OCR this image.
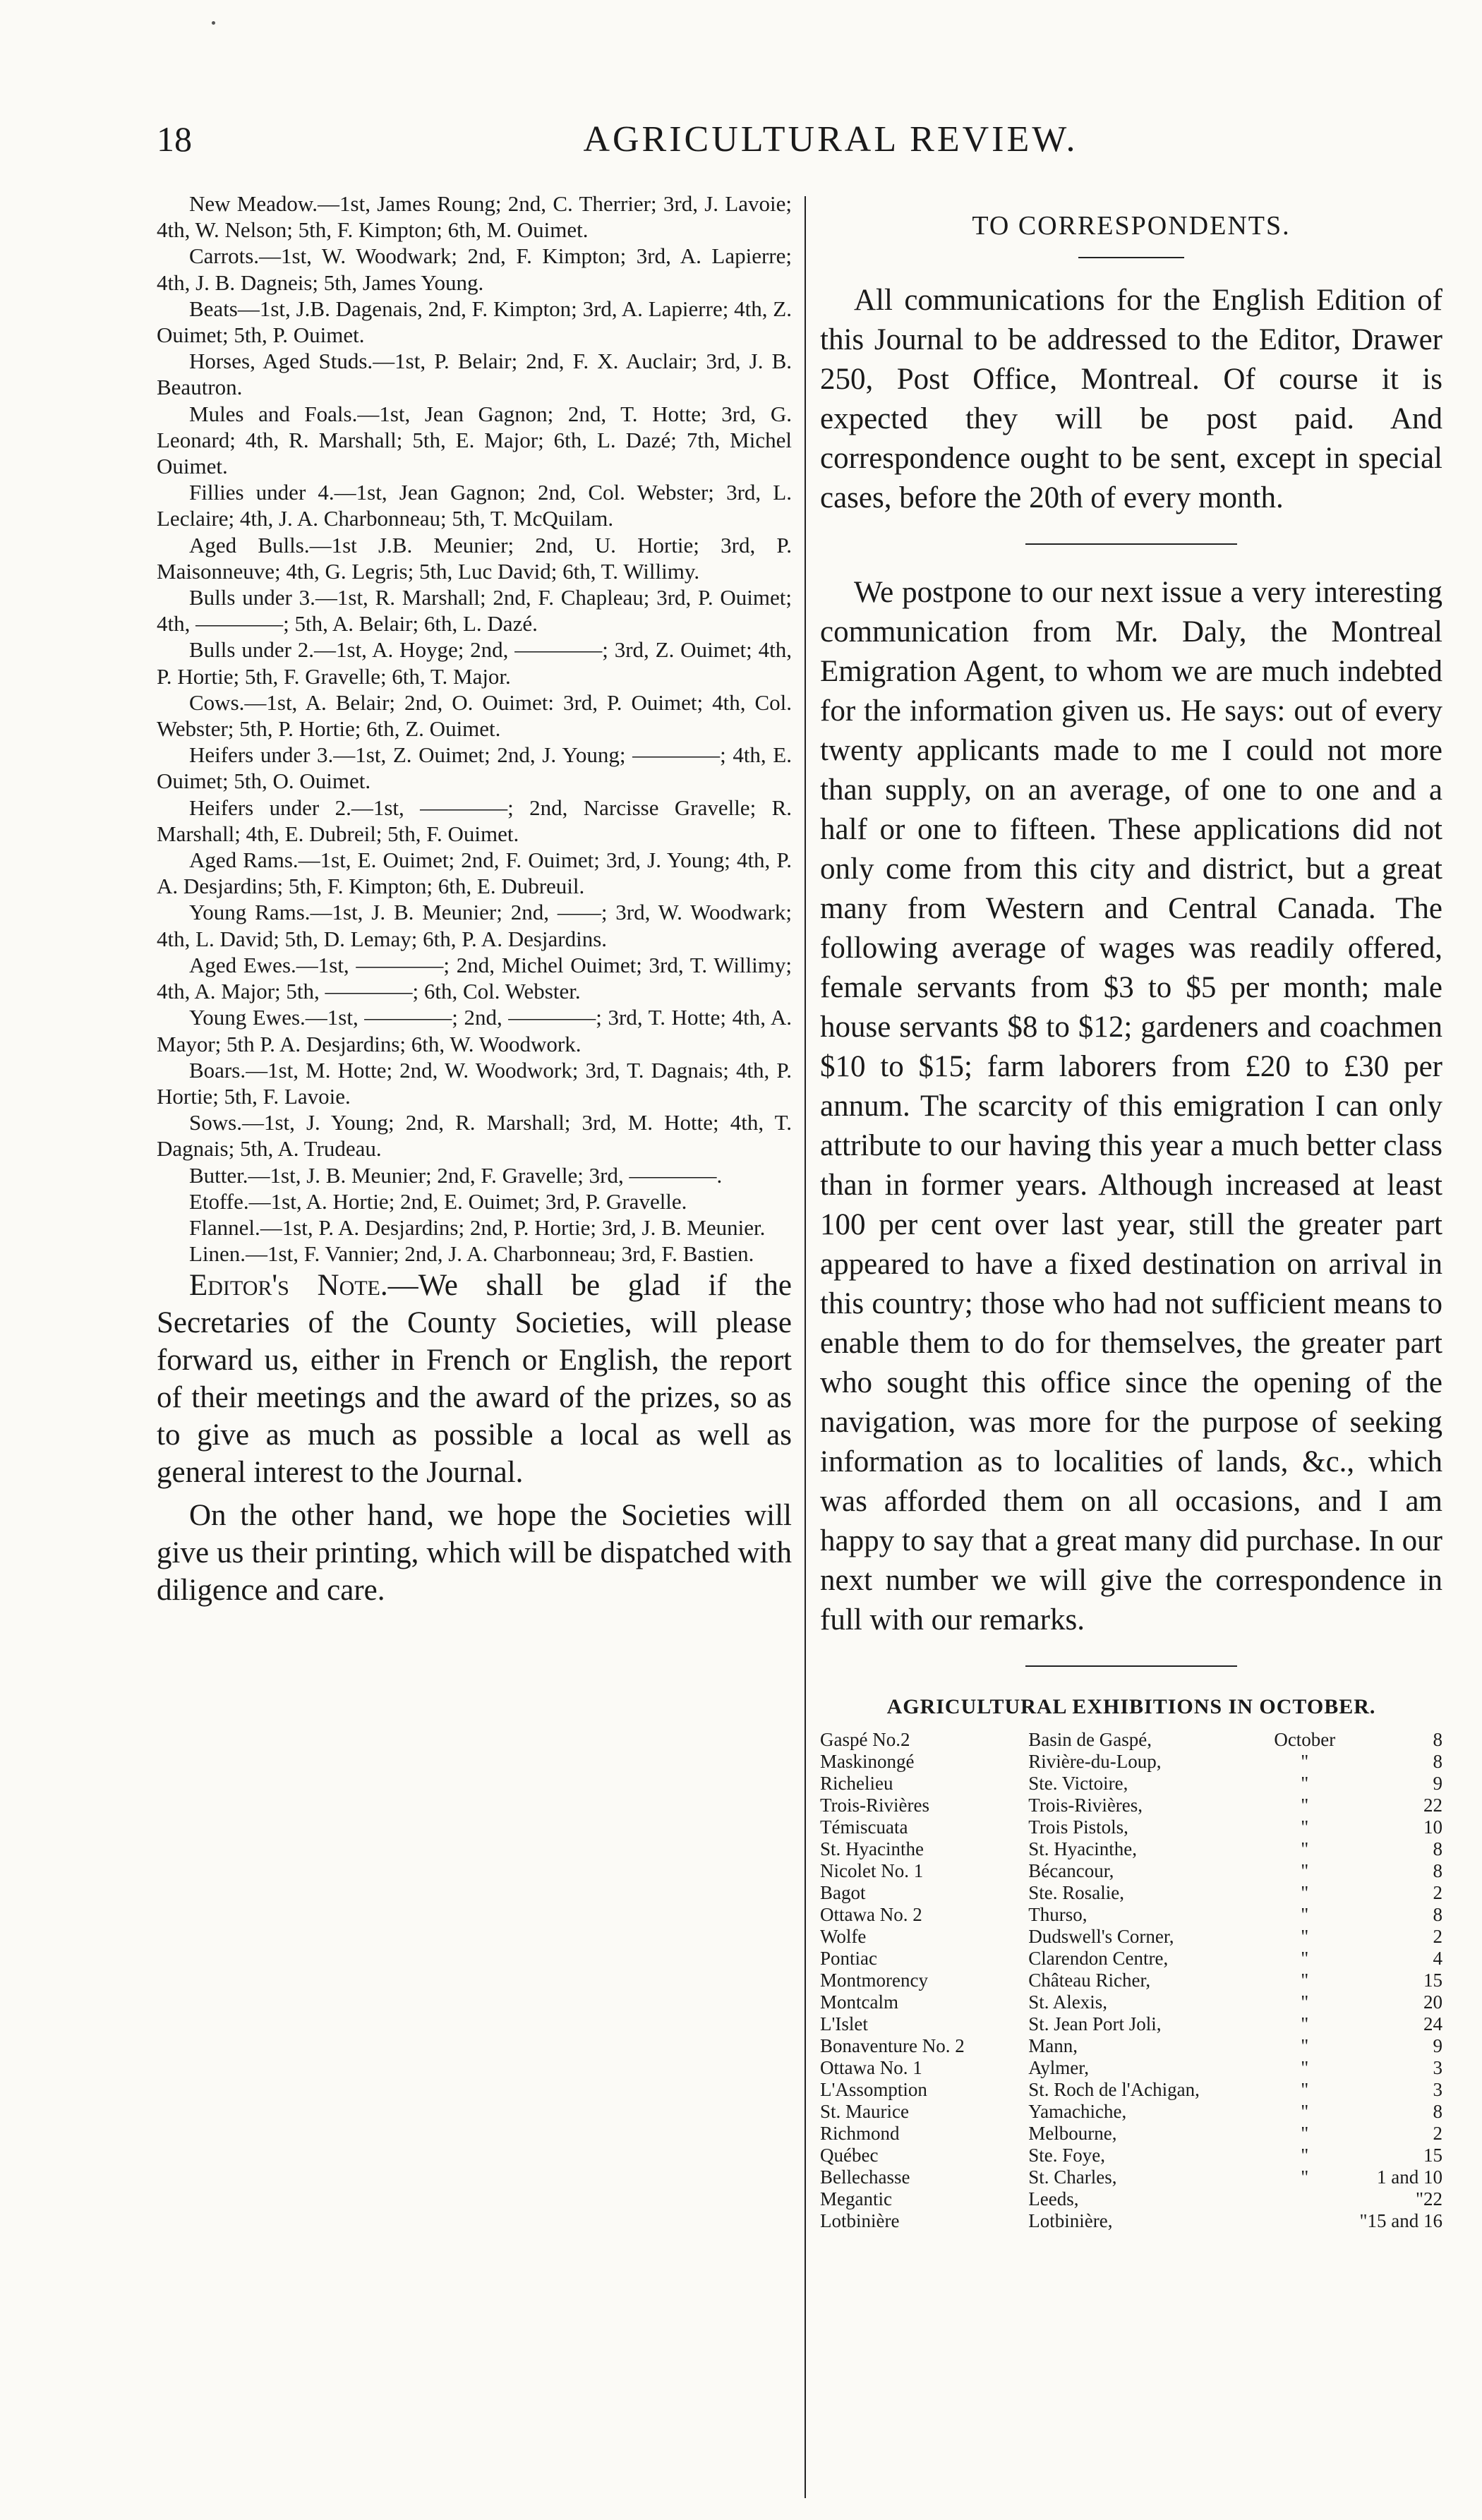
18	AGRICULTURAL REVIEW.

New Meadow.—1st, James Roung; 2nd, C. Therrier; 3rd, J. Lavoie; 4th, W. Nelson; 5th, F. Kimpton; 6th, M. Ouimet.

Carrots.—1st, W. Woodwark; 2nd, F. Kimpton; 3rd, A. Lapierre; 4th, J. B. Dagneis; 5th, James Young.

Beats—1st, J.B. Dagenais, 2nd, F. Kimpton; 3rd, A. Lapierre; 4th, Z. Ouimet; 5th, P. Ouimet.

Horses, Aged Studs.—1st, P. Belair; 2nd, F. X. Auclair; 3rd, J. B. Beautron.

Mules and Foals.—1st, Jean Gagnon; 2nd, T. Hotte; 3rd, G. Leonard; 4th, R. Marshall; 5th, E. Major; 6th, L. Dazé; 7th, Michel Ouimet.

Fillies under 4.—1st, Jean Gagnon; 2nd, Col. Webster; 3rd, L. Leclaire; 4th, J. A. Charbonneau; 5th, T. McQuilam.

Aged Bulls.—1st J.B. Meunier; 2nd, U. Hortie; 3rd, P. Maisonneuve; 4th, G. Legris; 5th, Luc David; 6th, T. Willimy.

Bulls under 3.—1st, R. Marshall; 2nd, F. Chapleau; 3rd, P. Ouimet; 4th, ————; 5th, A. Belair; 6th, L. Dazé.

Bulls under 2.—1st, A. Hoyge; 2nd, ————; 3rd, Z. Ouimet; 4th, P. Hortie; 5th, F. Gravelle; 6th, T. Major.

Cows.—1st, A. Belair; 2nd, O. Ouimet: 3rd, P. Ouimet; 4th, Col. Webster; 5th, P. Hortie; 6th, Z. Ouimet.

Heifers under 3.—1st, Z. Ouimet; 2nd, J. Young; ————; 4th, E. Ouimet; 5th, O. Ouimet.

Heifers under 2.—1st, ————; 2nd, Narcisse Gravelle; R. Marshall; 4th, E. Dubreil; 5th, F. Ouimet.

Aged Rams.—1st, E. Ouimet; 2nd, F. Ouimet; 3rd, J. Young; 4th, P. A. Desjardins; 5th, F. Kimpton; 6th, E. Dubreuil.

Young Rams.—1st, J. B. Meunier; 2nd, ——; 3rd, W. Woodwark; 4th, L. David; 5th, D. Lemay; 6th, P. A. Desjardins.

Aged Ewes.—1st, ————; 2nd, Michel Ouimet; 3rd, T. Willimy; 4th, A. Major; 5th, ————; 6th, Col. Webster.

Young Ewes.—1st, ————; 2nd, ————; 3rd, T. Hotte; 4th, A. Mayor; 5th P. A. Desjardins; 6th, W. Woodwork.

Boars.—1st, M. Hotte; 2nd, W. Woodwork; 3rd, T. Dagnais; 4th, P. Hortie; 5th, F. Lavoie.

Sows.—1st, J. Young; 2nd, R. Marshall; 3rd, M. Hotte; 4th, T. Dagnais; 5th, A. Trudeau.

Butter.—1st, J. B. Meunier; 2nd, F. Gravelle; 3rd, ————.

Etoffe.—1st, A. Hortie; 2nd, E. Ouimet; 3rd, P. Gravelle.

Flannel.—1st, P. A. Desjardins; 2nd, P. Hortie; 3rd, J. B. Meunier.

Linen.—1st, F. Vannier; 2nd, J. A. Charbonneau; 3rd, F. Bastien.

Editor's Note.—We shall be glad if the Secretaries of the County Societies, will please forward us, either in French or English, the report of their meetings and the award of the prizes, so as to give as much as possible a local as well as general interest to the Journal.

On the other hand, we hope the Societies will give us their printing, which will be dispatched with diligence and care.

TO CORRESPONDENTS.

All communications for the English Edition of this Journal to be addressed to the Editor, Drawer 250, Post Office, Montreal. Of course it is expected they will be post paid. And correspondence ought to be sent, except in special cases, before the 20th of every month.

We postpone to our next issue a very interesting communication from Mr. Daly, the Montreal Emigration Agent, to whom we are much indebted for the information given us. He says: out of every twenty applicants made to me I could not more than supply, on an average, of one to one and a half or one to fifteen. These applications did not only come from this city and district, but a great many from Western and Central Canada. The following average of wages was readily offered, female servants from $3 to $5 per month; male house servants $8 to $12; gardeners and coachmen $10 to $15; farm laborers from £20 to £30 per annum. The scarcity of this emigration I can only attribute to our having this year a much better class than in former years. Although increased at least 100 per cent over last year, still the greater part appeared to have a fixed destination on arrival in this country; those who had not sufficient means to enable them to do for themselves, the greater part who sought this office since the opening of the navigation, was more for the purpose of seeking information as to localities of lands, &c., which was afforded them on all occasions, and I am happy to say that a great many did purchase. In our next number we will give the correspondence in full with our remarks.

AGRICULTURAL EXHIBITIONS IN OCTOBER.
Gaspé No.2	Basin de Gaspé,	October	8
Maskinongé	Rivière-du-Loup,	"	8
Richelieu	Ste. Victoire,	"	9
Trois-Rivières	Trois-Rivières,	"	22
Témiscuata	Trois Pistols,	"	10
St. Hyacinthe	St. Hyacinthe,	"	8
Nicolet No. 1	Bécancour,	"	8
Bagot	Ste. Rosalie,	"	2
Ottawa No. 2	Thurso,	"	8
Wolfe	Dudswell's Corner,	"	2
Pontiac	Clarendon Centre,	"	4
Montmorency	Château Richer,	"	15
Montcalm	St. Alexis,	"	20
L'Islet	St. Jean Port Joli,	"	24
Bonaventure No. 2	Mann,	"	9
Ottawa No. 1	Aylmer,	"	3
L'Assomption	St. Roch de l'Achigan,	"	3
St. Maurice	Yamachiche,	"	8
Richmond	Melbourne,	"	2
Québec	Ste. Foye,	"	15
Bellechasse	St. Charles,	"	1 and 10
Megantic	Leeds,		"22
Lotbinière	Lotbinière,		"15 and 16
